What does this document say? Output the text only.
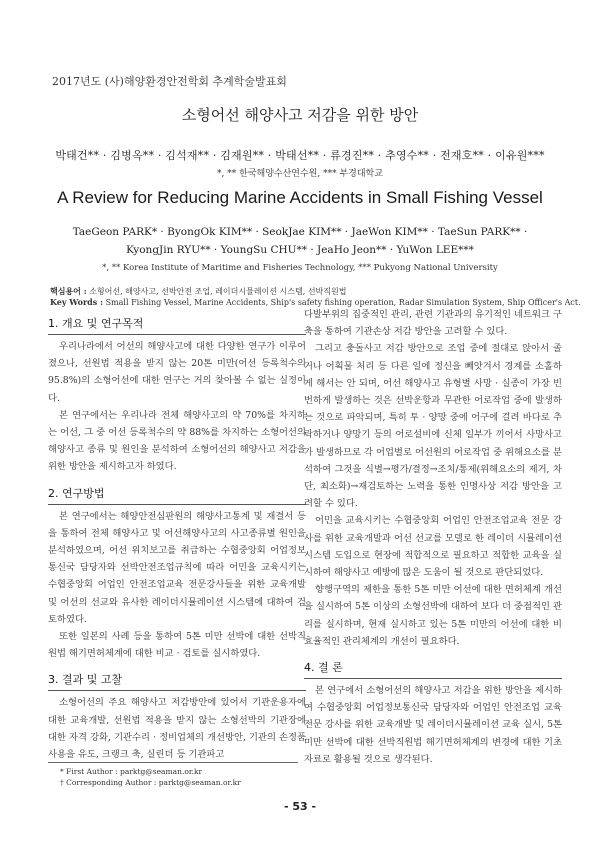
2017년도 (사)해양환경안전학회 추계학술발표회
소형어선 해양사고 저감을 위한 방안
박태건** · 김병옥** · 김석재** · 김재원** · 박태선** · 류경진** · 추영수** · 전재호** · 이유원***
*, ** 한국해양수산연수원, *** 부경대학교
A Review for Reducing Marine Accidents in Small Fishing Vessel
TaeGeon PARK* · ByongOk KIM** · SeokJae KIM** · JaeWon KIM** · TaeSun PARK** ·
KyongJin RYU** · YoungSu CHU** · JeaHo Jeon** · YuWon LEE***
*, ** Korea Institute of Maritime and Fisheries Technology, *** Pukyong National University
핵심용어 : 소형어선, 해양사고, 선박안전 조업, 레이더시뮬레이션 시스템, 선박직원법
Key Words : Small Fishing Vessel, Marine Accidents, Ship's safety fishing operation, Radar Simulation System, Ship Officer's Act.
1. 개요 및 연구목적

우리나라에서 어선의 해양사고에 대한 다양한 연구가 이루어졌으나, 선원법 적용을 받지 않는 20톤 미만(어선 등록척수의 95.8%)의 소형어선에 대한 연구는 거의 찾아볼 수 없는 실정이다.

본 연구에서는 우리나라 전체 해양사고의 약 70%를 차지하는 어선, 그 중 어선 등록척수의 약 88%를 차지하는 소형어선의 해양사고 종류 및 원인을 분석하여 소형어선의 해양사고 저감을 위한 방안을 제시하고자 하였다.

2. 연구방법

본 연구에서는 해양안전심판원의 해양사고통계 및 재결서 등을 통하여 전체 해양사고 및 어선해양사고의 사고종류별 원인을 분석하였으며, 어선 위치보고를 취급하는 수협중앙회 어업정보통신국 담당자와 선박안전조업규칙에 따라 어민을 교육시키는 수협중앙회 어업인 안전조업교육 전문강사들을 위한 교육개발 및 어선의 선교와 유사한 레이더시뮬레이션 시스템에 대하여 검토하였다.

또한 일본의 사례 등을 통하여 5톤 미만 선박에 대한 선박직원법 해기면허체계에 대한 비교 · 검토를 실시하였다.

3. 결과 및 고찰

소형어선의 주요 해양사고 저감방안에 있어서 기관운용자에 대한 교육개발, 선원법 적용을 받지 않는 소형선박의 기관장에 대한 자격 강화, 기관수리 · 정비업체의 개선방안, 기관의 손정품 사용을 유도, 크랭크 축, 실린더 등 기관파고

다발부위의 집중적인 관리, 관련 기관과의 유기적인 네트워크 구축을 통하여 기관손상 저감 방안을 고려할 수 있다.

그리고 충돌사고 저감 방안으로 조업 중에 절대로 앉아서 졸거나 어획물 처리 등 다른 일에 정신을 빼앗겨서 경계를 소홀하게 해서는 안 되며, 어선 해양사고 유형별 사망 · 실종이 가장 빈번하게 발생하는 것은 선박운항과 무관한 어로작업 중에 발생하는 것으로 파악되며, 특히 투 · 양망 중에 어구에 걸려 바다로 추락하거나 양망기 등의 어로설비에 신체 일부가 끼어서 사망사고가 발생하므로 각 어업별로 어선원의 어로작업 중 위해요소를 분석하여 그것을 식별→평가/결정→조치/통제(위해요소의 제거, 차단, 최소화)→재검토하는 노력을 통한 인명사상 저감 방안을 고려할 수 있다.

어민을 교육시키는 수협중앙회 어업인 안전조업교육 전문 강사를 위한 교육개발과 어선 선교를 모델로 한 레이더 시뮬레이션 시스템 도입으로 현장에 적합적으로 필요하고 적합한 교육을 실시하여 해양사고 예방에 많은 도움이 될 것으로 판단되었다.

향행구역의 제한을 통한 5톤 미만 어선에 대한 면허체계 개선을 실시하여 5톤 이상의 소형선박에 대하여 보다 더 중점적인 관리를 실시하며, 현재 실시하고 있는 5톤 미만의 어선에 대한 비효율적인 관리체계의 개선이 필요하다.

4. 결 론

본 연구에서 소형어선의 해양사고 저감을 위한 방안을 제시하여 수협중앙회 어업정보통신국 담당자와 어업인 안전조업 교육 전문 강사를 위한 교육개발 및 레이더시뮬레이션 교육 실시, 5톤 미만 선박에 대한 선박직원법 해기면허체계의 변경에 대한 기초자료로 활용될 것으로 생각된다.

* First Author : parktg@seaman.or.kr
† Corresponding Author : parktg@seaman.or.kr
- 53 -
